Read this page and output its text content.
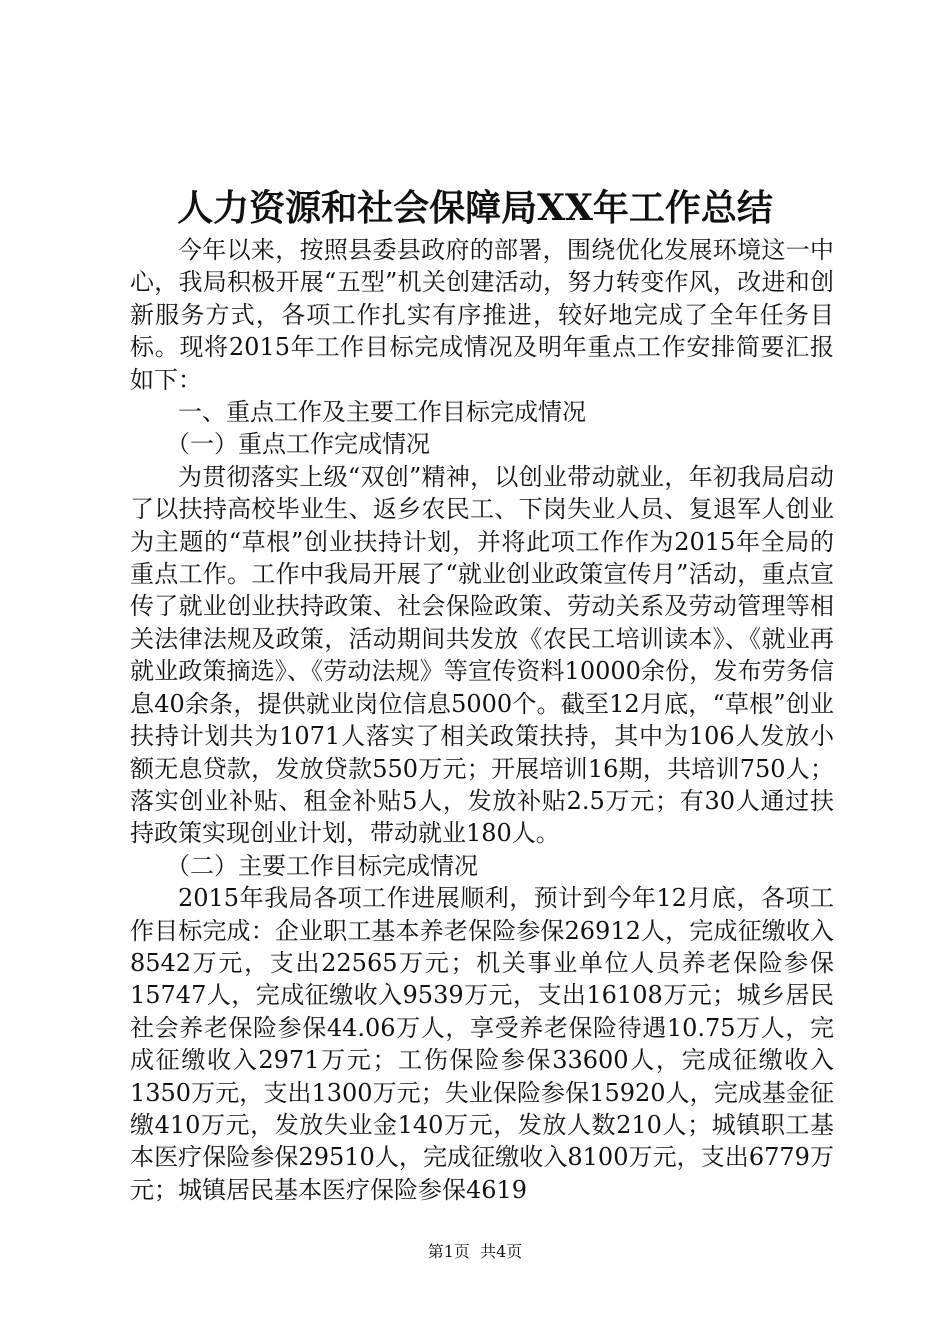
人力资源和社会保障局XX年工作总结

今年以来，按照县委县政府的部署，围绕优化发展环境这一中心，我局积极开展“五型”机关创建活动，努力转变作风，改进和创新服务方式，各项工作扎实有序推进，较好地完成了全年任务目标。现将2015年工作目标完成情况及明年重点工作安排简要汇报如下：

一、重点工作及主要工作目标完成情况

（一）重点工作完成情况

为贯彻落实上级“双创”精神，以创业带动就业，年初我局启动了以扶持高校毕业生、返乡农民工、下岗失业人员、复退军人创业为主题的“草根”创业扶持计划，并将此项工作作为2015年全局的重点工作。工作中我局开展了“就业创业政策宣传月”活动，重点宣传了就业创业扶持政策、社会保险政策、劳动关系及劳动管理等相关法律法规及政策，活动期间共发放《农民工培训读本》、《就业再就业政策摘选》、《劳动法规》等宣传资料10000余份，发布劳务信息40余条，提供就业岗位信息5000个。截至12月底，“草根”创业扶持计划共为1071人落实了相关政策扶持，其中为106人发放小额无息贷款，发放贷款550万元；开展培训16期，共培训750人；落实创业补贴、租金补贴5人，发放补贴2.5万元；有30人通过扶持政策实现创业计划，带动就业180人。

（二）主要工作目标完成情况

2015年我局各项工作进展顺利，预计到今年12月底，各项工作目标完成：企业职工基本养老保险参保26912人，完成征缴收入8542万元，支出22565万元；机关事业单位人员养老保险参保15747人，完成征缴收入9539万元，支出16108万元；城乡居民社会养老保险参保44.06万人，享受养老保险待遇10.75万人，完成征缴收入2971万元；工伤保险参保33600人，完成征缴收入1350万元，支出1300万元；失业保险参保15920人，完成基金征缴410万元，发放失业金140万元，发放人数210人；城镇职工基本医疗保险参保29510人，完成征缴收入8100万元，支出6779万元；城镇居民基本医疗保险参保4619

第1页 共4页
